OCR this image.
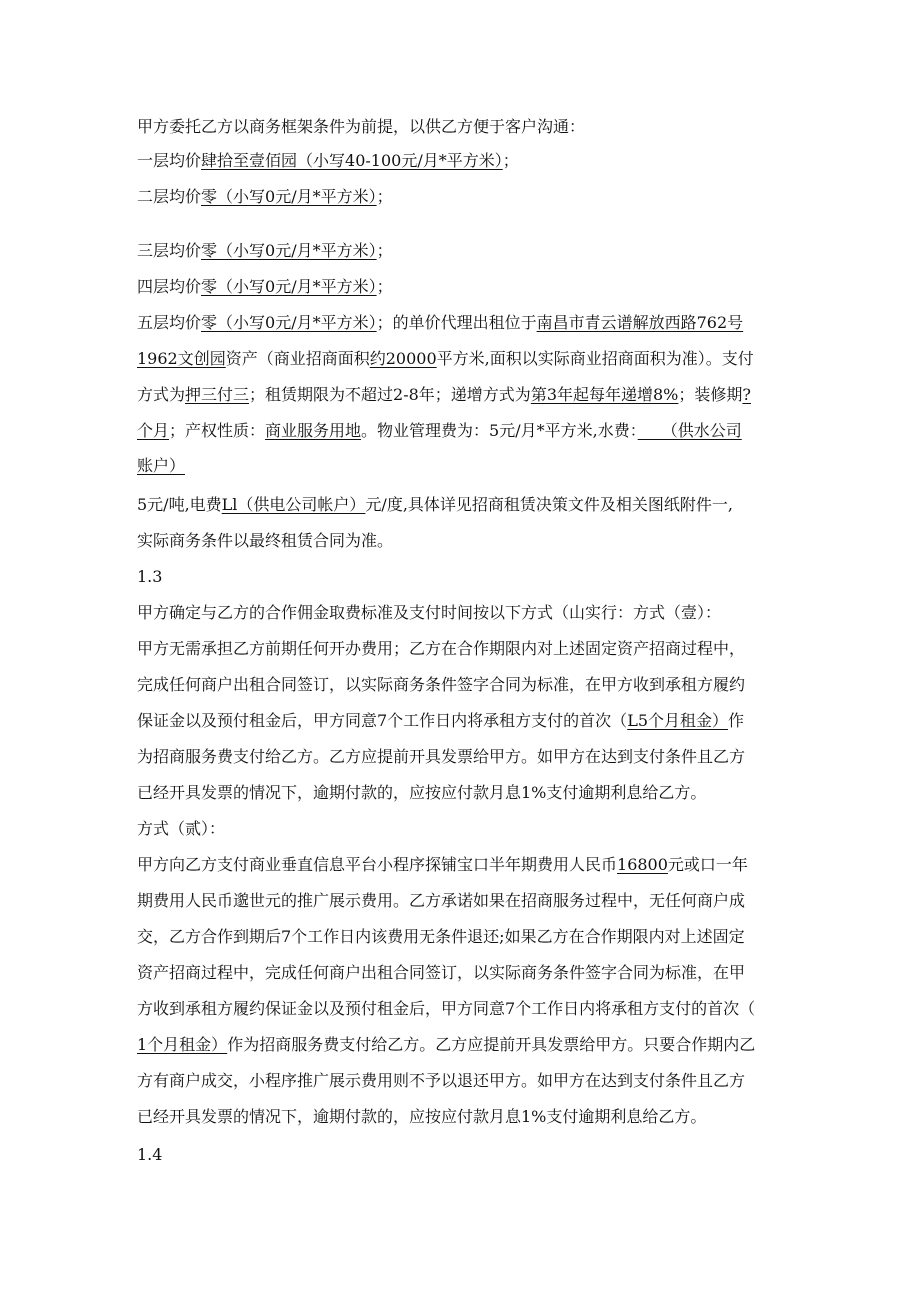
甲方委托乙方以商务框架条件为前提，以供乙方便于客户沟通：
一层均价肆拾至壹佰园（小写40-100元/月*平方米）；
二层均价零（小写0元/月*平方米）；
三层均价零（小写0元/月*平方米）；
四层均价零（小写0元/月*平方米）；
五层均价零（小写0元/月*平方米）；的单价代理出租位于南昌市青云谱解放西路762号
1962文创园资产（商业招商面积约20000平方米,面积以实际商业招商面积为准）。支付
方式为押三付三；租赁期限为不超过2-8年；递增方式为第3年起每年递增8%；装修期?
个月；产权性质：商业服务用地。物业管理费为：5元/月*平方米,水费：　　（供水公司
账户）
5元/吨,电费Ll（供电公司帐户）元/度,具体详见招商租赁决策文件及相关图纸附件一,
实际商务条件以最终租赁合同为准。
1.3
甲方确定与乙方的合作佣金取费标准及支付时间按以下方式（山实行：方式（壹）：
甲方无需承担乙方前期任何开办费用；乙方在合作期限内对上述固定资产招商过程中，
完成任何商户出租合同签订，以实际商务条件签字合同为标准，在甲方收到承租方履约
保证金以及预付租金后，甲方同意7个工作日内将承租方支付的首次（L5个月租金）作
为招商服务费支付给乙方。乙方应提前开具发票给甲方。如甲方在达到支付条件且乙方
已经开具发票的情况下，逾期付款的，应按应付款月息1%支付逾期利息给乙方。
方式（贰）：
甲方向乙方支付商业垂直信息平台小程序探铺宝口半年期费用人民币16800元或口一年
期费用人民币邈世元的推广展示费用。乙方承诺如果在招商服务过程中，无任何商户成
交，乙方合作到期后7个工作日内该费用无条件退还;如果乙方在合作期限内对上述固定
资产招商过程中，完成任何商户出租合同签订，以实际商务条件签字合同为标准，在甲
方收到承租方履约保证金以及预付租金后，甲方同意7个工作日内将承租方支付的首次（
1个月租金）作为招商服务费支付给乙方。乙方应提前开具发票给甲方。只要合作期内乙
方有商户成交，小程序推广展示费用则不予以退还甲方。如甲方在达到支付条件且乙方
已经开具发票的情况下，逾期付款的，应按应付款月息1%支付逾期利息给乙方。
1.4
